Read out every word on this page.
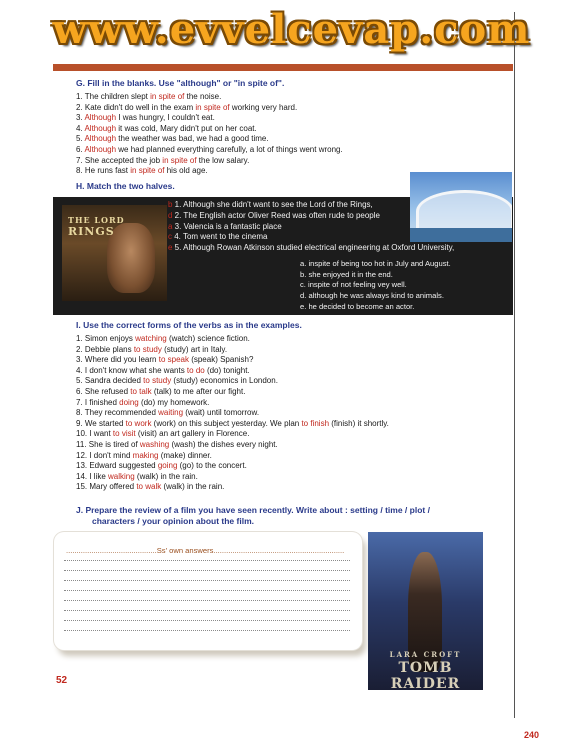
www.evvelcevap.com
G. Fill in the blanks. Use "although" or "in spite of".
1. The children slept in spite of the noise.
2. Kate didn't do well in the exam in spite of working very hard.
3. Although I was hungry, I couldn't eat.
4. Although it was cold, Mary didn't put on her coat.
5. Although the weather was bad, we had a good time.
6. Although we had planned everything carefully, a lot of things went wrong.
7. She accepted the job in spite of the low salary.
8. He runs fast in spite of his old age.
H. Match the two halves.
THE LORD
RINGS
b 1. Although she didn't want to see the Lord of the Rings,
d 2. The English actor Oliver Reed was often rude to people
a 3. Valencia is a fantastic place
c 4. Tom went to the cinema
e 5. Although Rowan Atkinson studied electrical engineering at Oxford University,
a. inspite of being too hot in July and August.
b. she enjoyed it in the end.
c. inspite of not feeling vey well.
d. although he was always kind to animals.
e. he decided to become an actor.
I. Use the correct forms of the verbs as in the examples.
1. Simon enjoys watching (watch) science fiction.
2. Debbie plans to study (study) art in Italy.
3. Where did you learn to speak (speak) Spanish?
4. I don't know what she wants to do (do) tonight.
5. Sandra decided to study (study) economics in London.
6. She refused to talk (talk) to me after our fight.
7. I finished doing (do) my homework.
8. They recommended waiting (wait) until tomorrow.
9. We started to work (work) on this subject yesterday. We plan to finish (finish) it shortly.
10. I want to visit (visit) an art gallery in Florence.
11. She is tired of washing (wash) the dishes every night.
12. I don't mind making (make) dinner.
13. Edward suggested going (go) to the concert.
14. I like walking (walk) in the rain.
15. Mary offered to walk (walk) in the rain.
J. Prepare the review of a film you have seen recently. Write about : setting / time / plot /
characters / your opinion about the film.
...........................................Ss' own answers..............................................................
LARA CROFT
TOMB RAIDER
52
240
